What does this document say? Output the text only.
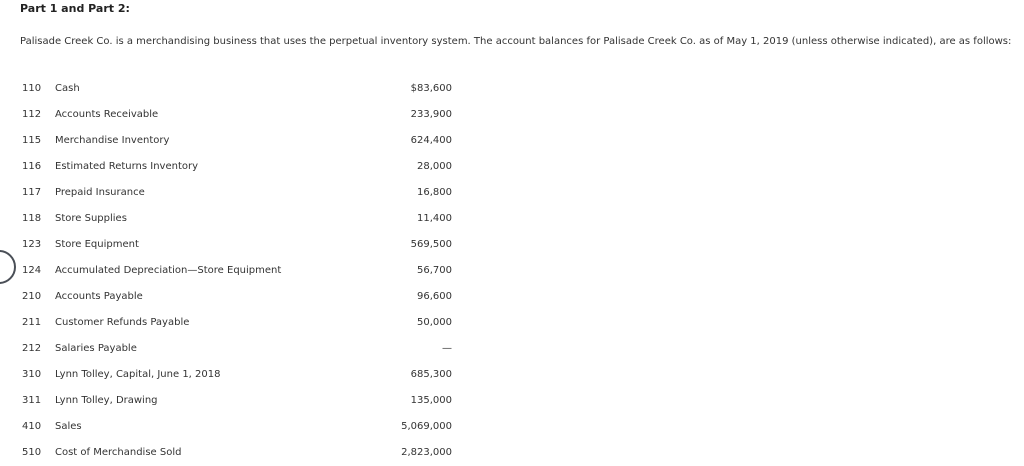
Part 1 and Part 2:
Palisade Creek Co. is a merchandising business that uses the perpetual inventory system. The account balances for Palisade Creek Co. as of May 1, 2019 (unless otherwise indicated), are as follows:
110 Cash	$83,600
112 Accounts Receivable	233,900
115 Merchandise Inventory	624,400
116 Estimated Returns Inventory	28,000
117 Prepaid Insurance	16,800
118 Store Supplies	11,400
123 Store Equipment	569,500
124 Accumulated Depreciation—Store Equipment	56,700
210 Accounts Payable	96,600
211 Customer Refunds Payable	50,000
212 Salaries Payable	—
310 Lynn Tolley, Capital, June 1, 2018	685,300
311 Lynn Tolley, Drawing	135,000
410 Sales	5,069,000
510 Cost of Merchandise Sold	2,823,000
